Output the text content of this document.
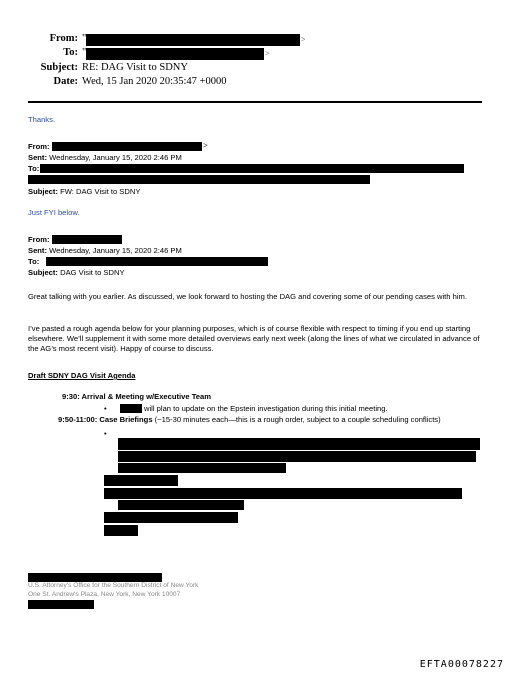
From: "	>
To: "	>
Subject: RE: DAG Visit to SDNY
Date: Wed, 15 Jan 2020 20:35:47 +0000
Thanks.
From:	>
Sent: Wednesday, January 15, 2020 2:46 PM
To:
Subject: FW: DAG Visit to SDNY
Just FYI below.
From:
Sent: Wednesday, January 15, 2020 2:46 PM
To:
Subject: DAG Visit to SDNY
Great talking with you earlier. As discussed, we look forward to hosting the DAG and covering some of our pending cases with him.
I’ve pasted a rough agenda below for your planning purposes, which is of course flexible with respect to timing if you end up starting elsewhere. We’ll supplement it with some more detailed overviews early next week (along the lines of what we circulated in advance of the AG’s most recent visit). Happy of course to discuss.
Draft SDNY DAG Visit Agenda
9:30: Arrival & Meeting w/Executive Team
•	will plan to update on the Epstein investigation during this initial meeting.
9:50-11:00: Case Briefings (~15-30 minutes each—this is a rough order, subject to a couple scheduling conflicts)
•
U.S. Attorney's Office for the Southern District of New York
One St. Andrew's Plaza, New York, New York 10007
EFTA00078227
